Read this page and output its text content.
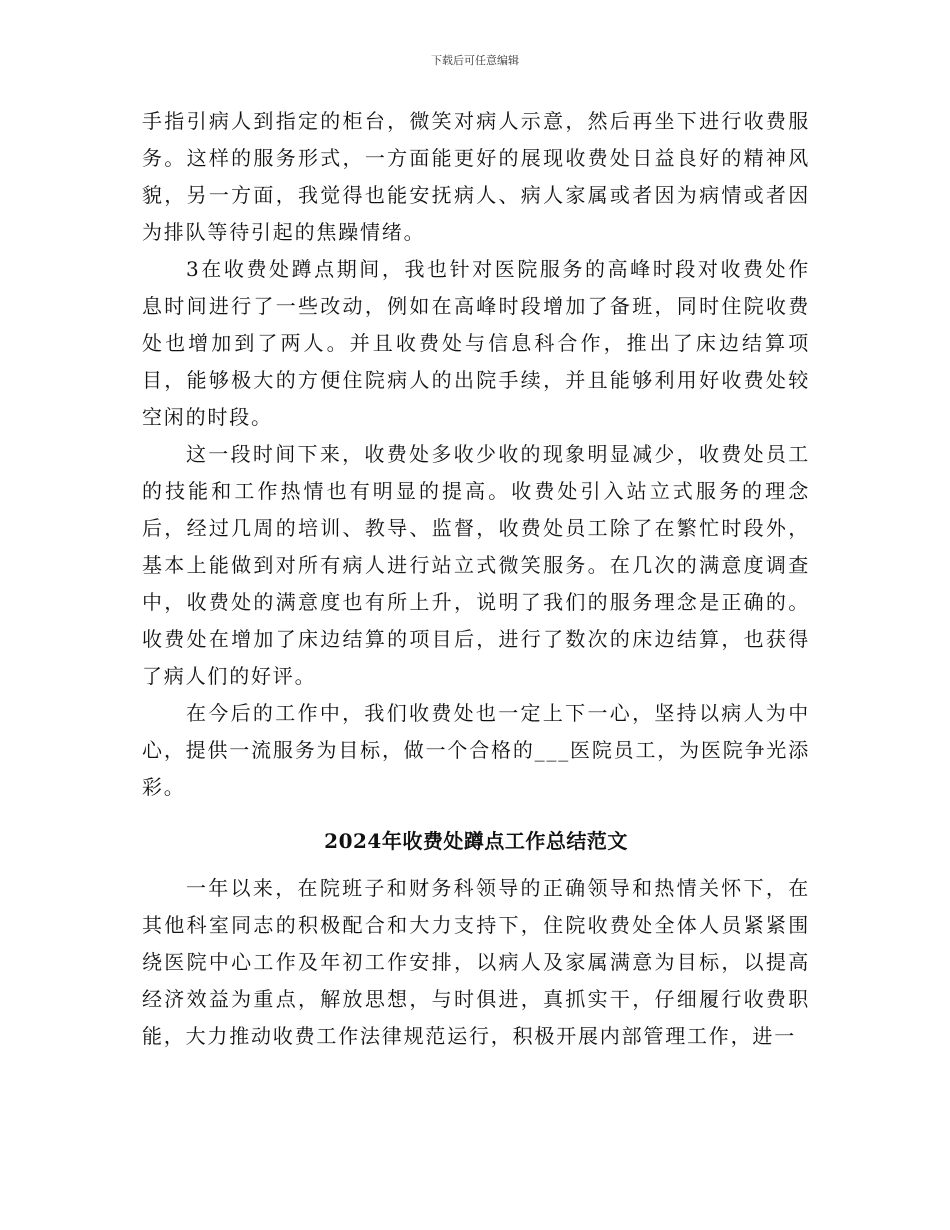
下载后可任意编辑

手指引病人到指定的柜台，微笑对病人示意，然后再坐下进行收费服务。这样的服务形式，一方面能更好的展现收费处日益良好的精神风貌，另一方面，我觉得也能安抚病人、病人家属或者因为病情或者因为排队等待引起的焦躁情绪。

3在收费处蹲点期间，我也针对医院服务的高峰时段对收费处作息时间进行了一些改动，例如在高峰时段增加了备班，同时住院收费处也增加到了两人。并且收费处与信息科合作，推出了床边结算项目，能够极大的方便住院病人的出院手续，并且能够利用好收费处较空闲的时段。

这一段时间下来，收费处多收少收的现象明显减少，收费处员工的技能和工作热情也有明显的提高。收费处引入站立式服务的理念后，经过几周的培训、教导、监督，收费处员工除了在繁忙时段外，基本上能做到对所有病人进行站立式微笑服务。在几次的满意度调查中，收费处的满意度也有所上升，说明了我们的服务理念是正确的。收费处在增加了床边结算的项目后，进行了数次的床边结算，也获得了病人们的好评。

在今后的工作中，我们收费处也一定上下一心，坚持以病人为中心，提供一流服务为目标，做一个合格的___医院员工，为医院争光添彩。

2024年收费处蹲点工作总结范文

一年以来，在院班子和财务科领导的正确领导和热情关怀下，在其他科室同志的积极配合和大力支持下，住院收费处全体人员紧紧围绕医院中心工作及年初工作安排，以病人及家属满意为目标，以提高经济效益为重点，解放思想，与时俱进，真抓实干，仔细履行收费职能，大力推动收费工作法律规范运行，积极开展内部管理工作，进一
